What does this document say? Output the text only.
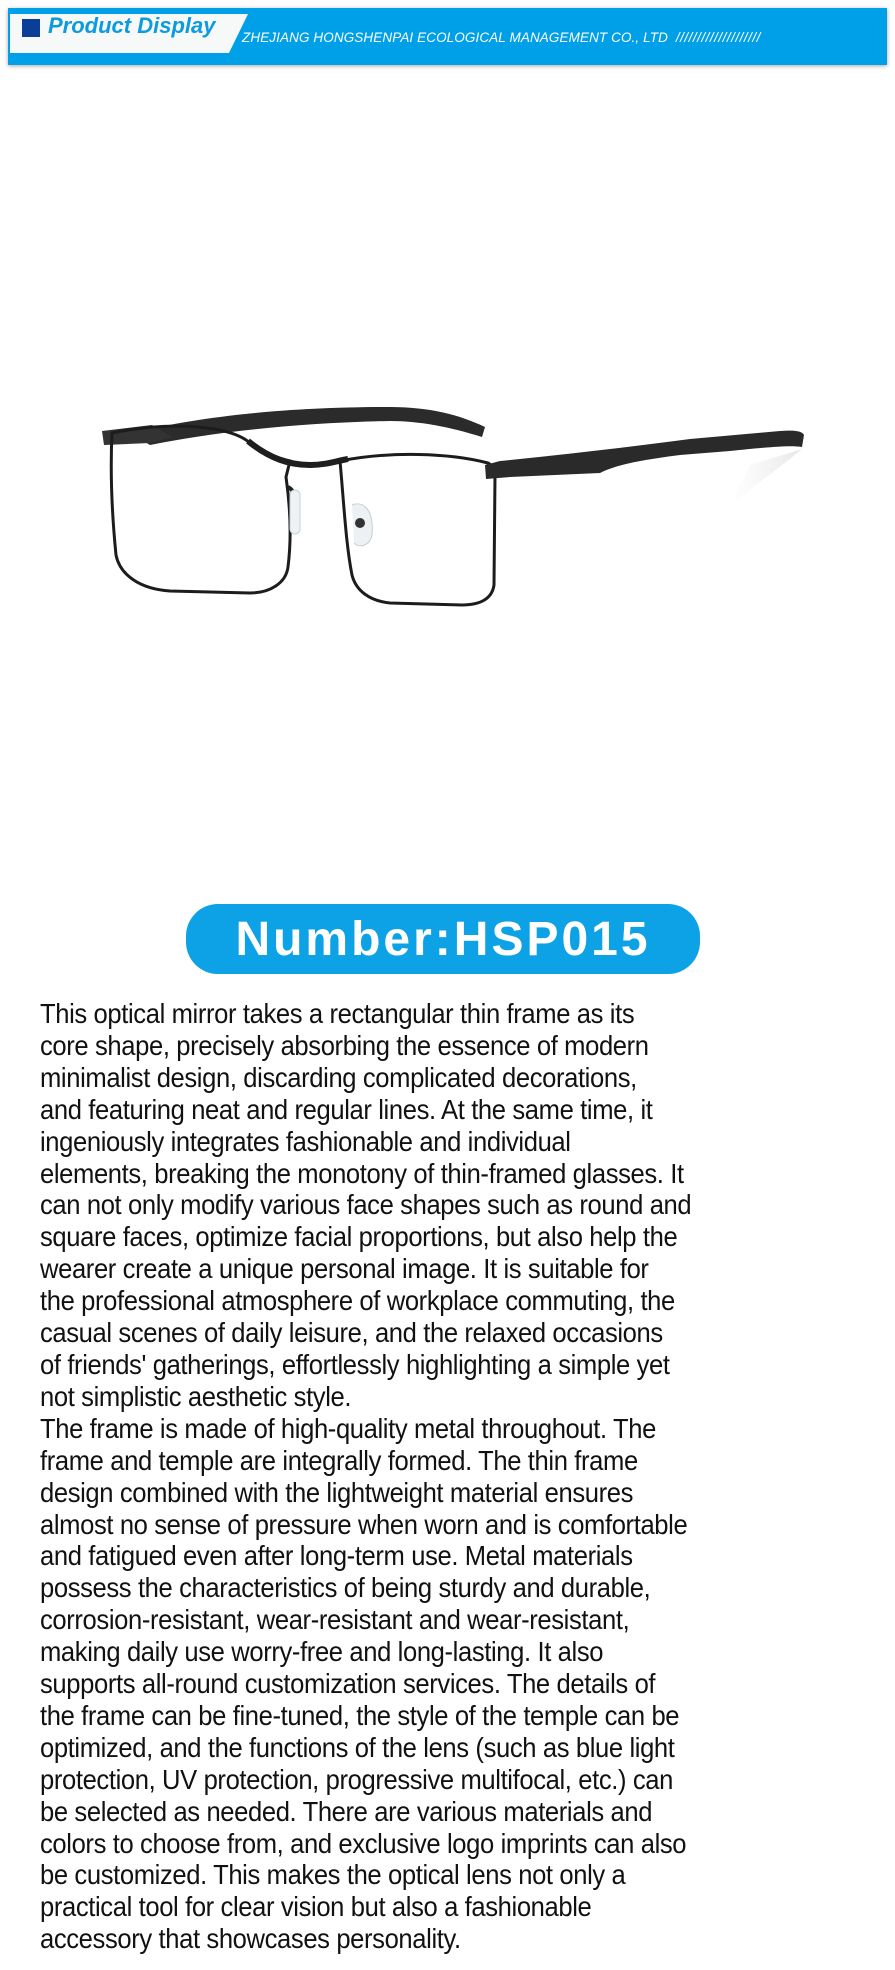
Product Display ZHEJIANG HONGSHENPAI ECOLOGICAL MANAGEMENT CO., LTD ////////////////////
Number:HSP015
This optical mirror takes a rectangular thin frame as its
core shape, precisely absorbing the essence of modern
minimalist design, discarding complicated decorations,
and featuring neat and regular lines. At the same time, it
ingeniously integrates fashionable and individual
elements, breaking the monotony of thin-framed glasses. It
can not only modify various face shapes such as round and
square faces, optimize facial proportions, but also help the
wearer create a unique personal image. It is suitable for
the professional atmosphere of workplace commuting, the
casual scenes of daily leisure, and the relaxed occasions
of friends' gatherings, effortlessly highlighting a simple yet
not simplistic aesthetic style.
The frame is made of high-quality metal throughout. The
frame and temple are integrally formed. The thin frame
design combined with the lightweight material ensures
almost no sense of pressure when worn and is comfortable
and fatigued even after long-term use. Metal materials
possess the characteristics of being sturdy and durable,
corrosion-resistant, wear-resistant and wear-resistant,
making daily use worry-free and long-lasting. It also
supports all-round customization services. The details of
the frame can be fine-tuned, the style of the temple can be
optimized, and the functions of the lens (such as blue light
protection, UV protection, progressive multifocal, etc.) can
be selected as needed. There are various materials and
colors to choose from, and exclusive logo imprints can also
be customized. This makes the optical lens not only a
practical tool for clear vision but also a fashionable
accessory that showcases personality.
